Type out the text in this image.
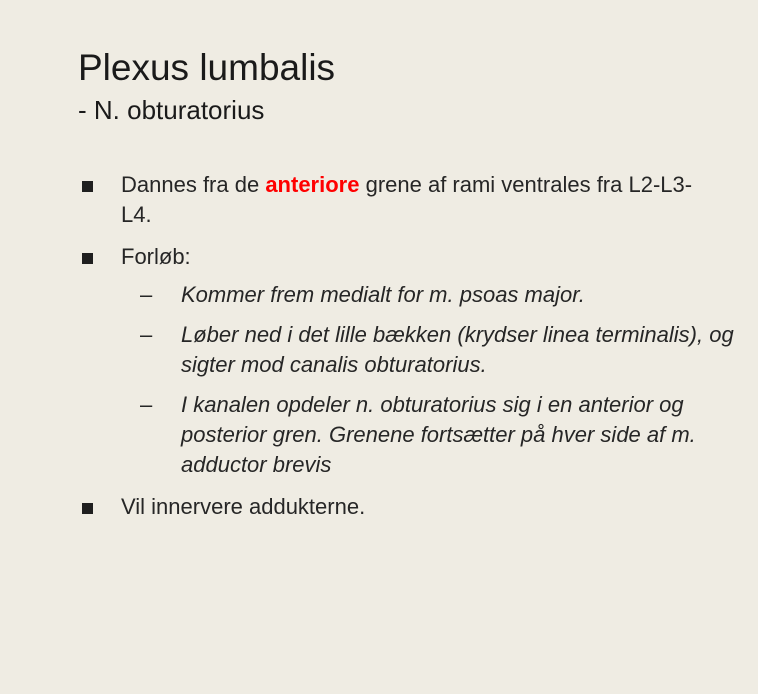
Plexus lumbalis
- N. obturatorius
Dannes fra de anteriore grene af rami ventrales fra L2-L3-L4.
Forløb:
– Kommer frem medialt for m. psoas major.
– Løber ned i det lille bækken (krydser linea terminalis), og sigter mod canalis obturatorius.
– I kanalen opdeler n. obturatorius sig i en anterior og posterior gren. Grenene fortsætter på hver side af m. adductor brevis
Vil innervere addukterne.
